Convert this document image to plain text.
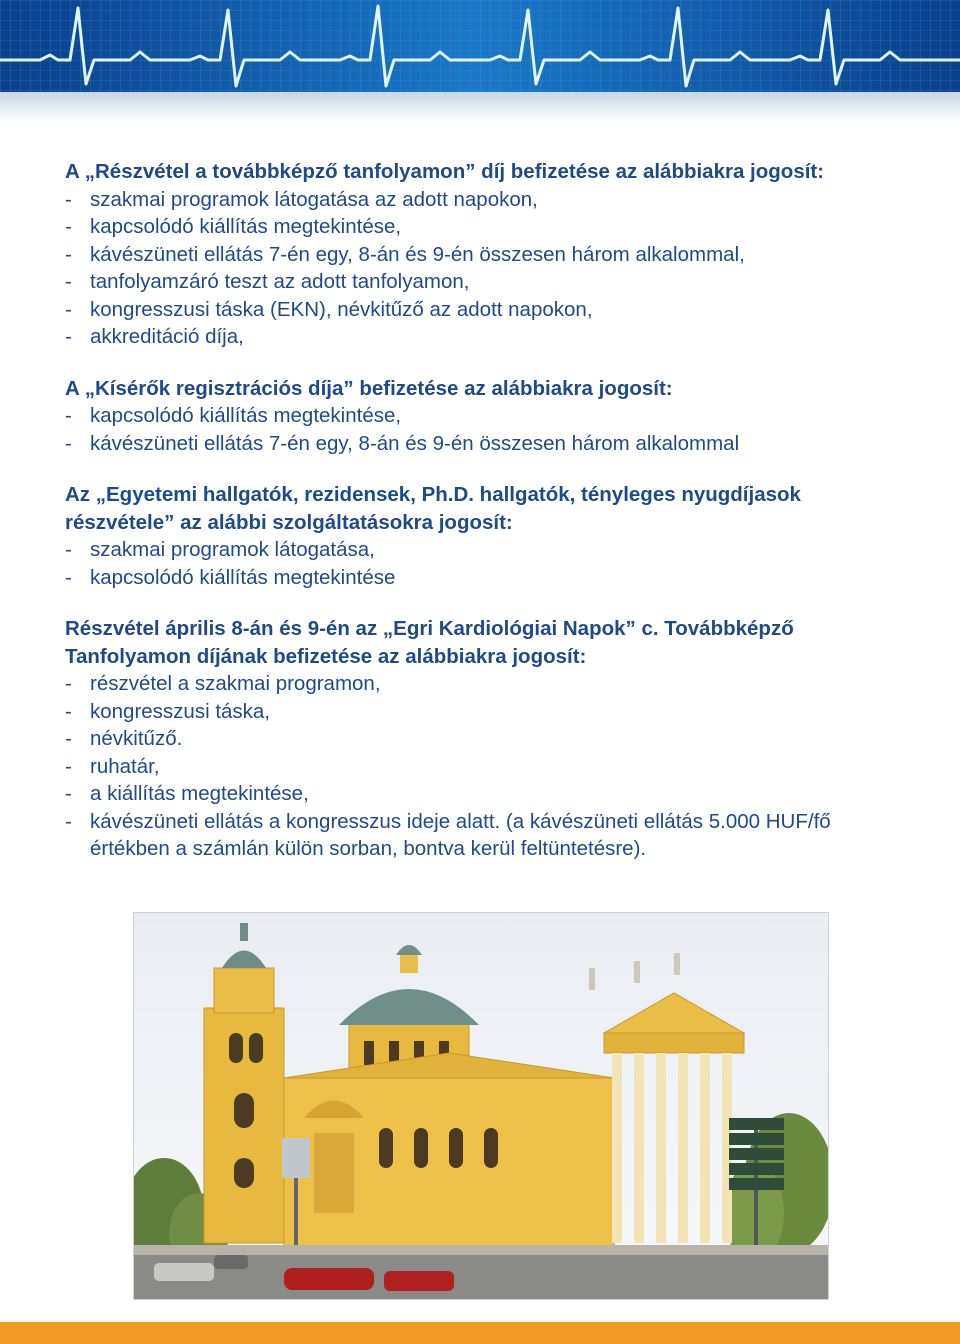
A „Részvétel a továbbképző tanfolyamon” díj befizetése az alábbiakra jogosít:

- szakmai programok látogatása az adott napokon,
- kapcsolódó kiállítás megtekintése,
- kávészüneti ellátás 7-én egy, 8-án és 9-én összesen három alkalommal,
- tanfolyamzáró teszt az adott tanfolyamon,
- kongresszusi táska (EKN), névkitűző az adott napokon,
- akkreditáció díja,

A „Kísérők regisztrációs díja” befizetése az alábbiakra jogosít:

- kapcsolódó kiállítás megtekintése,
- kávészüneti ellátás 7-én egy, 8-án és 9-én összesen három alkalommal

Az „Egyetemi hallgatók, rezidensek, Ph.D. hallgatók, tényleges nyugdíjasok részvétele” az alábbi szolgáltatásokra jogosít:

- szakmai programok látogatása,
- kapcsolódó kiállítás megtekintése

Részvétel április 8-án és 9-én az „Egri Kardiológiai Napok” c. Továbbképző Tanfolyamon díjának befizetése az alábbiakra jogosít:

- részvétel a szakmai programon,
- kongresszusi táska,
- névkitűző.
- ruhatár,
- a kiállítás megtekintése,
- kávészüneti ellátás a kongresszus ideje alatt. (a kávészüneti ellátás 5.000 HUF/fő értékben a számlán külön sorban, bontva kerül feltüntetésre).
